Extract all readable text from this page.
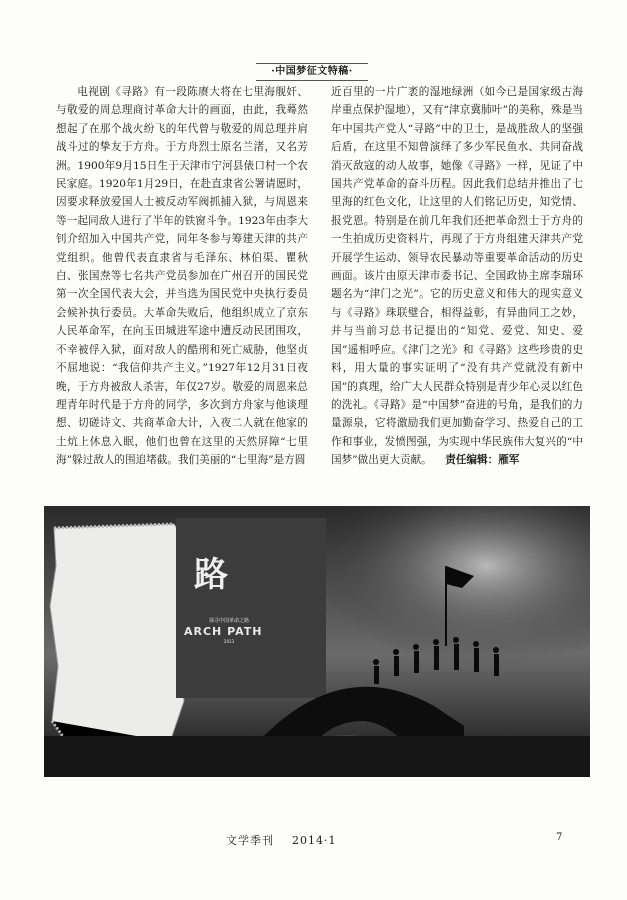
·中国梦征文特稿·

电视剧《寻路》有一段陈赓大将在七里海舰奸、与敬爱的周总理商讨革命大计的画面，由此，我蓦然想起了在那个战火纷飞的年代曾与敬爱的周总理并肩战斗过的挚友于方舟。于方舟烈士原名兰渚，又名芳洲。1900年9月15日生于天津市宁河县俵口村一个农民家庭。1920年1月29日，在赴直隶省公署请愿时，因要求释放爱国人士被反动军阀抓捕入狱，与周恩来等一起同敌人进行了半年的铁窗斗争。1923年由李大钊介绍加入中国共产党，同年冬参与筹建天津的共产党组织。他曾代表直隶省与毛泽东、林伯渠、瞿秋白、张国焘等七名共产党员参加在广州召开的国民党第一次全国代表大会，并当选为国民党中央执行委员会候补执行委员。大革命失败后，他组织成立了京东人民革命军，在向玉田城进军途中遭反动民团围攻，不幸被俘入狱，面对敌人的酷刑和死亡威胁，他坚贞不屈地说：“我信仰共产主义。”1927年12月31日夜晚，于方舟被敌人杀害，年仅27岁。敬爱的周恩来总理青年时代是于方舟的同学，多次到方舟家与他谈理想、切磋诗文、共商革命大计，入夜二人就在他家的土炕上休息入眠，他们也曾在这里的天然屏障“七里海”躲过敌人的围追堵截。我们美丽的“七里海”是方圆

近百里的一片广袤的湿地绿洲（如今已是国家级古海岸重点保护湿地），又有“津京冀肺叶”的美称，殊是当年中国共产党人“寻路”中的卫士，是战胜敌人的坚强后盾，在这里不知曾演绎了多少军民鱼水、共同奋战消灭敌寇的动人故事，她像《寻路》一样，见证了中国共产党革命的奋斗历程。因此我们总结并推出了七里海的红色文化，让这里的人们铭记历史，知党情、报党恩。特别是在前几年我们还把革命烈士于方舟的一生拍成历史资料片，再现了于方舟组建天津共产党开展学生运动、领导农民暴动等重要革命活动的历史画面。该片由原天津市委书记、全国政协主席李瑞环题名为“津门之光”。它的历史意义和伟大的现实意义与《寻路》珠联璧合，相得益彰，有异曲同工之妙，并与当前习总书记提出的“知党、爱党、知史、爱国”遥相呼应。《津门之光》和《寻路》这些珍贵的史料，用大量的事实证明了“没有共产党就没有新中国”的真理，给广大人民群众特别是青少年心灵以红色的洗礼。《寻路》是“中国梦”奋进的号角，是我们的力量源泉，它将激励我们更加勤奋学习、热爱自己的工作和事业，发愤图强，为实现中华民族伟大复兴的“中国梦”做出更大贡献。 责任编辑：雁军

路
探寻中国革命之路
ARCH PATH
2013
文学季刊 2014·1	7
